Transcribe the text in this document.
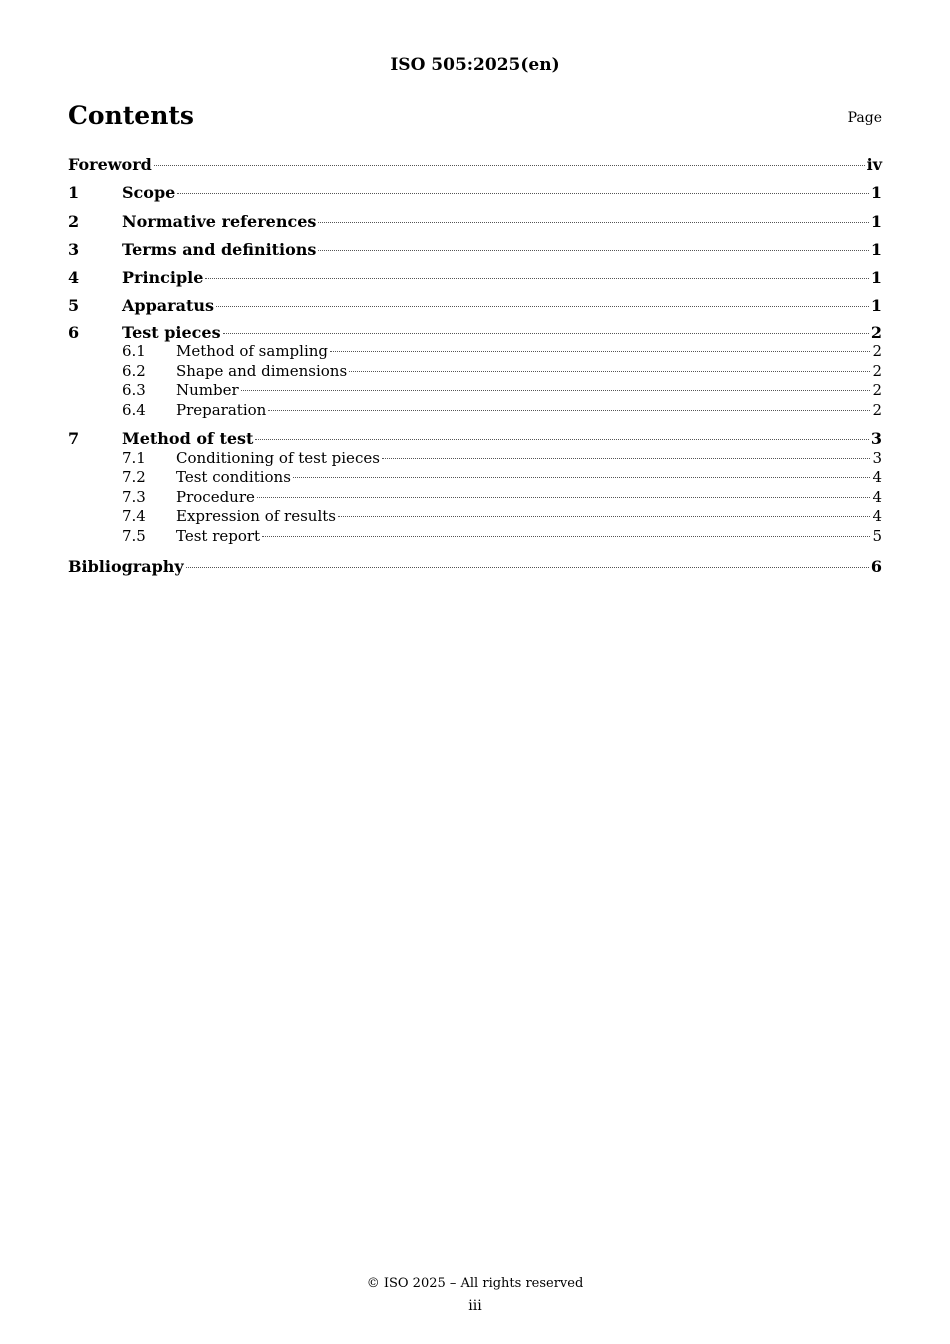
ISO 505:2025(en)
Contents	Page
Foreword	iv
1	Scope	1
2	Normative references	1
3	Terms and definitions	1
4	Principle	1
5	Apparatus	1
6	Test pieces	2
6.1	Method of sampling	2
6.2	Shape and dimensions	2
6.3	Number	2
6.4	Preparation	2
7	Method of test	3
7.1	Conditioning of test pieces	3
7.2	Test conditions	4
7.3	Procedure	4
7.4	Expression of results	4
7.5	Test report	5
Bibliography	6
© ISO 2025 – All rights reserved
iii
